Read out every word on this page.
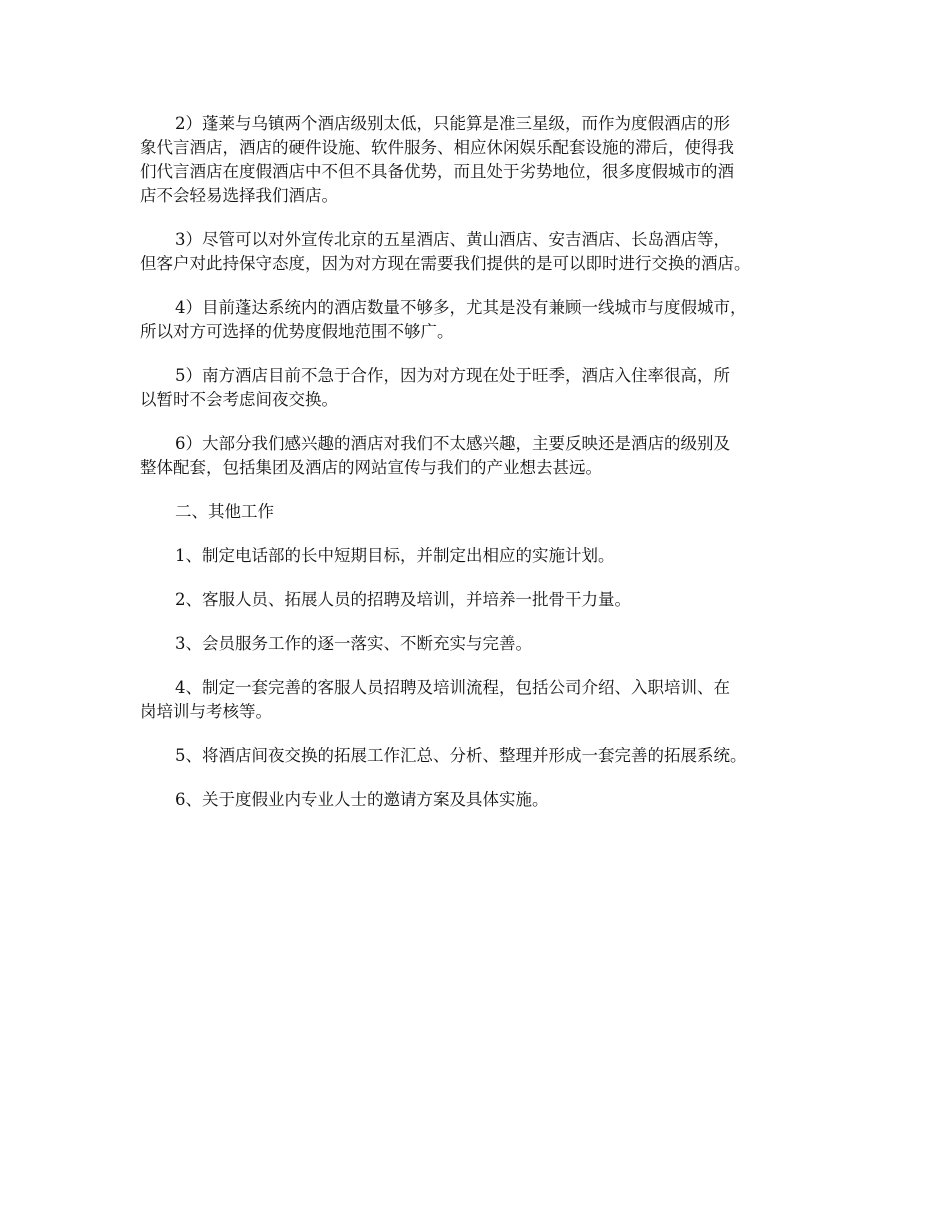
2）蓬莱与乌镇两个酒店级别太低，只能算是准三星级，而作为度假酒店的形
象代言酒店，酒店的硬件设施、软件服务、相应休闲娱乐配套设施的滞后，使得我
们代言酒店在度假酒店中不但不具备优势，而且处于劣势地位，很多度假城市的酒
店不会轻易选择我们酒店。

3）尽管可以对外宣传北京的五星酒店、黄山酒店、安吉酒店、长岛酒店等，
但客户对此持保守态度，因为对方现在需要我们提供的是可以即时进行交换的酒店。

4）目前蓬达系统内的酒店数量不够多，尤其是没有兼顾一线城市与度假城市，
所以对方可选择的优势度假地范围不够广。

5）南方酒店目前不急于合作，因为对方现在处于旺季，酒店入住率很高，所
以暂时不会考虑间夜交换。

6）大部分我们感兴趣的酒店对我们不太感兴趣，主要反映还是酒店的级别及
整体配套，包括集团及酒店的网站宣传与我们的产业想去甚远。

二、其他工作

1、制定电话部的长中短期目标，并制定出相应的实施计划。

2、客服人员、拓展人员的招聘及培训，并培养一批骨干力量。

3、会员服务工作的逐一落实、不断充实与完善。

4、制定一套完善的客服人员招聘及培训流程，包括公司介绍、入职培训、在
岗培训与考核等。

5、将酒店间夜交换的拓展工作汇总、分析、整理并形成一套完善的拓展系统。

6、关于度假业内专业人士的邀请方案及具体实施。
